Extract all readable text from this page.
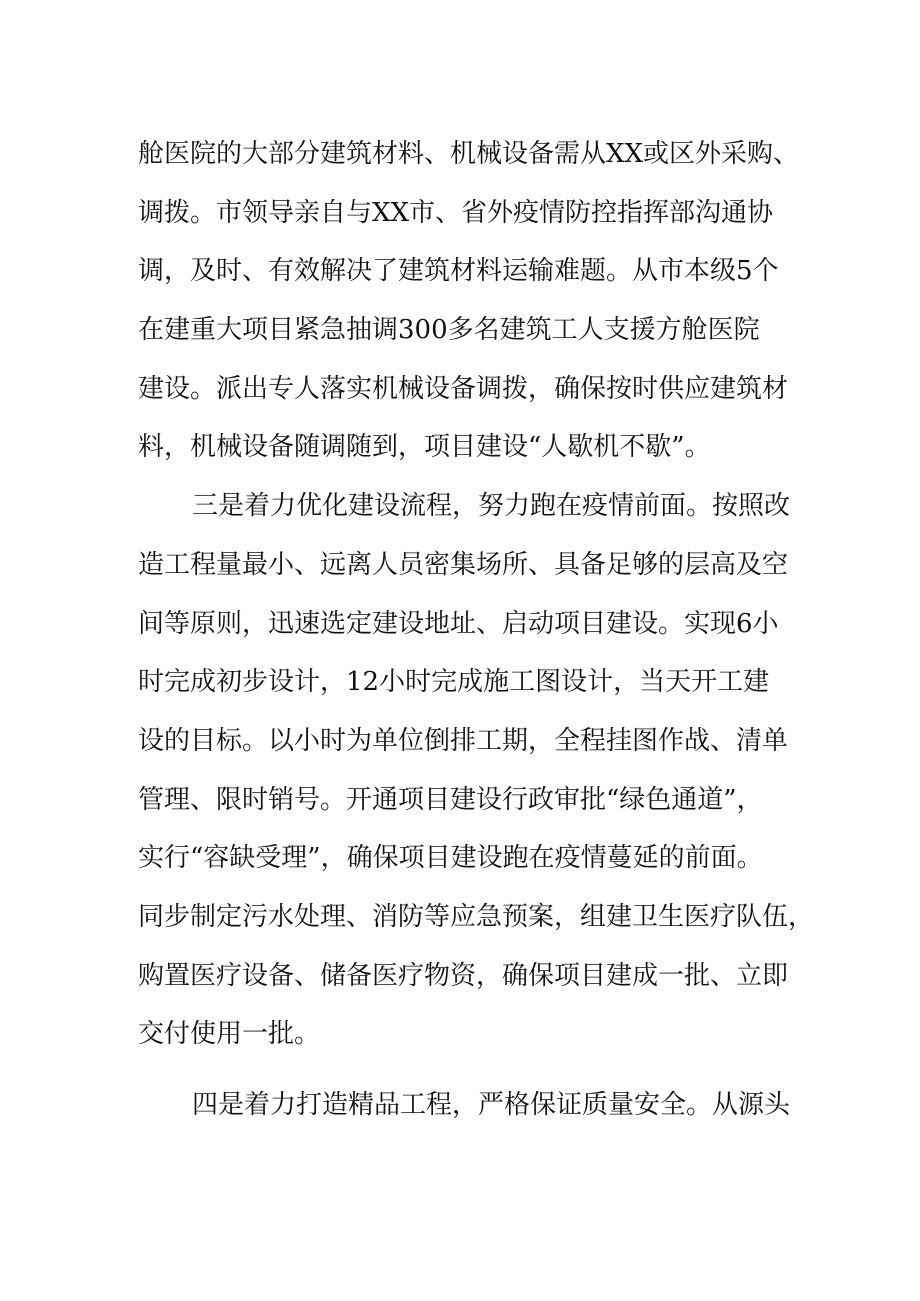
舱医院的大部分建筑材料、机械设备需从XX或区外采购、
调拨。市领导亲自与XX市、省外疫情防控指挥部沟通协
调，及时、有效解决了建筑材料运输难题。从市本级5个
在建重大项目紧急抽调300多名建筑工人支援方舱医院
建设。派出专人落实机械设备调拨，确保按时供应建筑材
料，机械设备随调随到，项目建设“人歇机不歇”。
三是着力优化建设流程，努力跑在疫情前面。按照改
造工程量最小、远离人员密集场所、具备足够的层高及空
间等原则，迅速选定建设地址、启动项目建设。实现6小
时完成初步设计，12小时完成施工图设计，当天开工建
设的目标。以小时为单位倒排工期，全程挂图作战、清单
管理、限时销号。开通项目建设行政审批“绿色通道”，
实行“容缺受理”，确保项目建设跑在疫情蔓延的前面。
同步制定污水处理、消防等应急预案，组建卫生医疗队伍，
购置医疗设备、储备医疗物资，确保项目建成一批、立即
交付使用一批。
四是着力打造精品工程，严格保证质量安全。从源头
